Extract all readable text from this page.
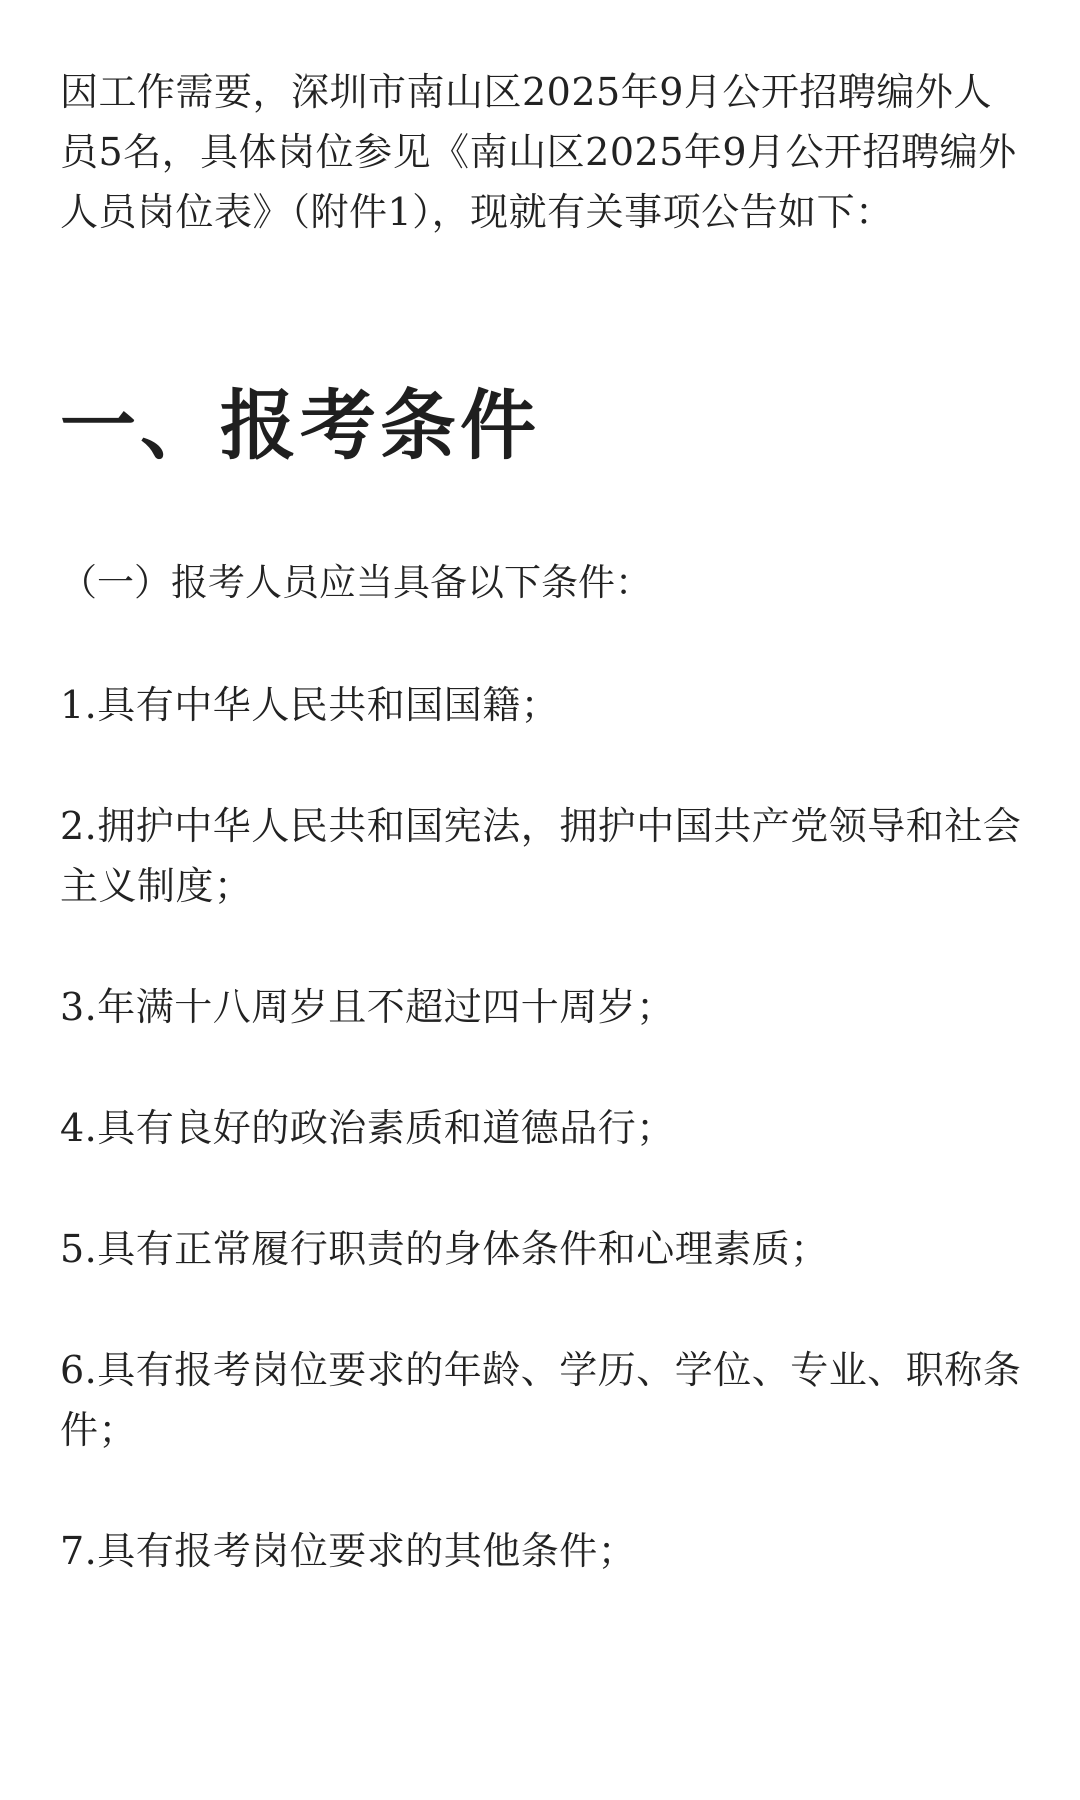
因工作需要，深圳市南山区2025年9月公开招聘编外人员5名，具体岗位参见《南山区2025年9月公开招聘编外人员岗位表》（附件1），现就有关事项公告如下：

一、报考条件

（一）报考人员应当具备以下条件：

1.具有中华人民共和国国籍；

2.拥护中华人民共和国宪法，拥护中国共产党领导和社会主义制度；

3.年满十八周岁且不超过四十周岁；

4.具有良好的政治素质和道德品行；

5.具有正常履行职责的身体条件和心理素质；

6.具有报考岗位要求的年龄、学历、学位、专业、职称条件；

7.具有报考岗位要求的其他条件；
